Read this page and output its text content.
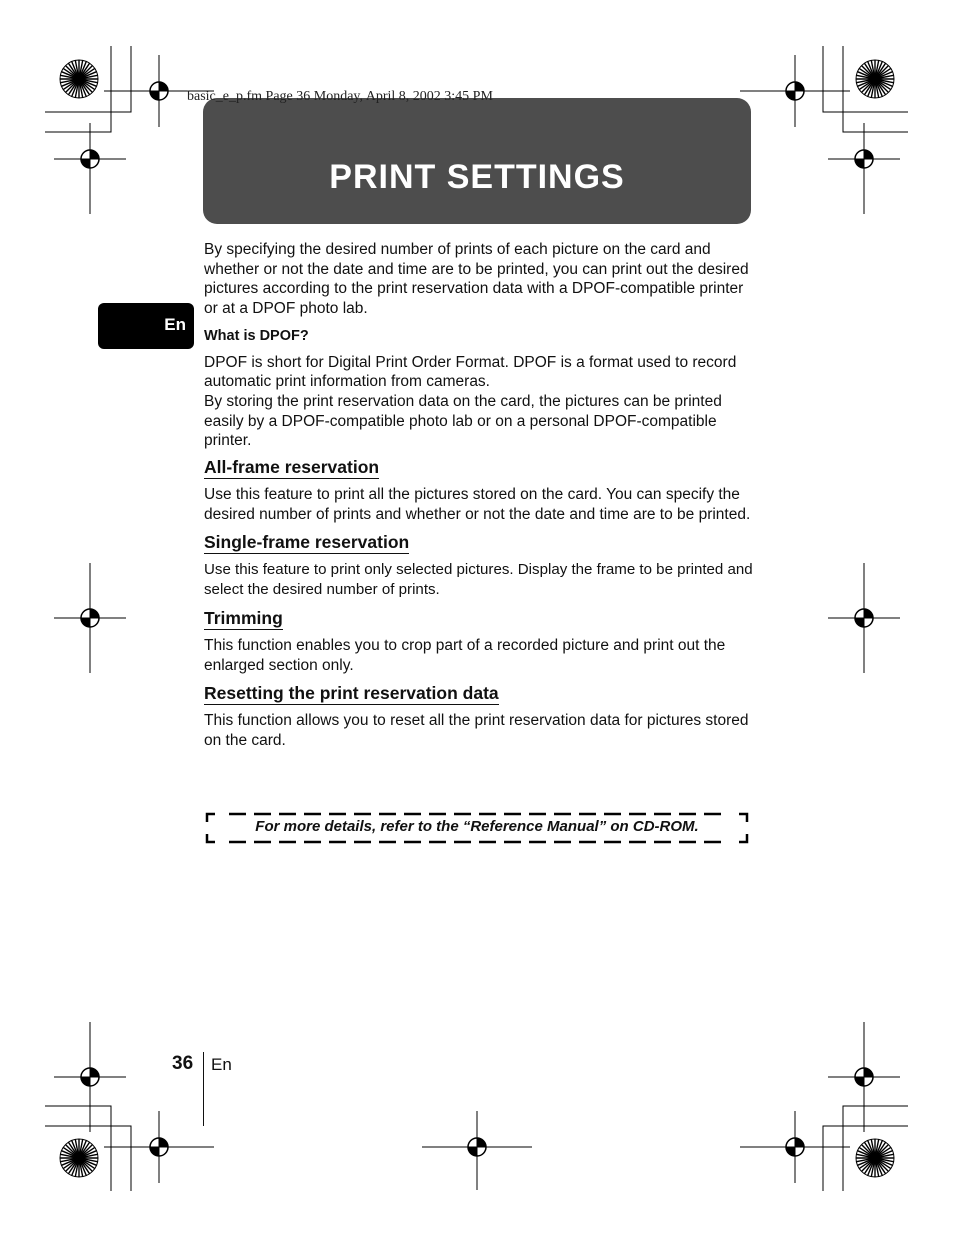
PRINT SETTINGS
basic_e_p.fm Page 36 Monday, April 8, 2002 3:45 PM
En

By specifying the desired number of prints of each picture on the card and whether or not the date and time are to be printed, you can print out the desired pictures according to the print reservation data with a DPOF-compatible printer or at a DPOF photo lab.

What is DPOF?

DPOF is short for Digital Print Order Format. DPOF is a format used to record automatic print information from cameras.

By storing the print reservation data on the card, the pictures can be printed easily by a DPOF-compatible photo lab or on a personal DPOF-compatible printer.

All-frame reservation

Use this feature to print all the pictures stored on the card. You can specify the desired number of prints and whether or not the date and time are to be printed.

Single-frame reservation

Use this feature to print only selected pictures. Display the frame to be printed and select the desired number of prints.

Trimming

This function enables you to crop part of a recorded picture and print out the enlarged section only.

Resetting the print reservation data

This function allows you to reset all the print reservation data for pictures stored on the card.

For more details, refer to the “Reference Manual” on CD-ROM.
36 En
